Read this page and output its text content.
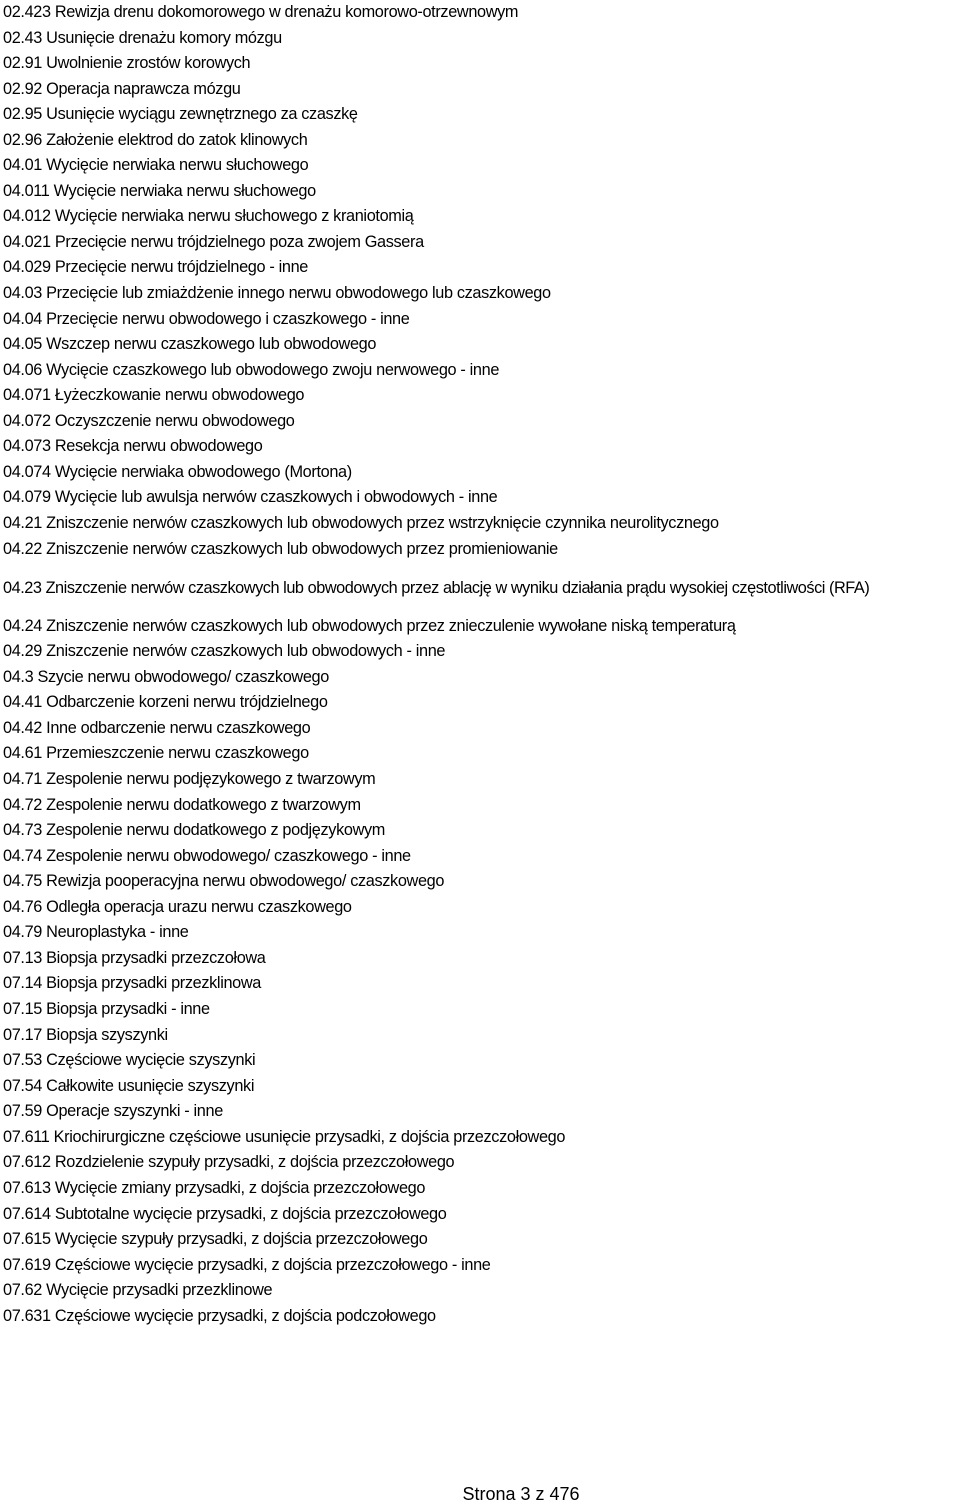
02.423 Rewizja drenu dokomorowego w drenażu komorowo-otrzewnowym
02.43 Usunięcie drenażu komory mózgu
02.91 Uwolnienie zrostów korowych
02.92 Operacja naprawcza mózgu
02.95 Usunięcie wyciągu zewnętrznego za czaszkę
02.96 Założenie elektrod do zatok klinowych
04.01 Wycięcie nerwiaka nerwu słuchowego
04.011 Wycięcie nerwiaka nerwu słuchowego
04.012 Wycięcie nerwiaka nerwu słuchowego z kraniotomią
04.021 Przecięcie nerwu trójdzielnego poza zwojem Gassera
04.029 Przecięcie nerwu trójdzielnego - inne
04.03 Przecięcie lub zmiażdżenie innego nerwu obwodowego lub czaszkowego
04.04 Przecięcie nerwu obwodowego i czaszkowego - inne
04.05 Wszczep nerwu czaszkowego lub obwodowego
04.06 Wycięcie czaszkowego lub obwodowego zwoju nerwowego - inne
04.071 Łyżeczkowanie nerwu obwodowego
04.072 Oczyszczenie nerwu obwodowego
04.073 Resekcja nerwu obwodowego
04.074 Wycięcie nerwiaka obwodowego (Mortona)
04.079 Wycięcie lub awulsja nerwów czaszkowych i obwodowych - inne
04.21 Zniszczenie nerwów czaszkowych lub obwodowych przez wstrzyknięcie czynnika neurolitycznego
04.22 Zniszczenie nerwów czaszkowych lub obwodowych przez promieniowanie
04.23 Zniszczenie nerwów czaszkowych lub obwodowych przez ablację w wyniku działania prądu wysokiej częstotliwości (RFA)
04.24 Zniszczenie nerwów czaszkowych lub obwodowych przez znieczulenie wywołane niską temperaturą
04.29 Zniszczenie nerwów czaszkowych lub obwodowych - inne
04.3 Szycie nerwu obwodowego/ czaszkowego
04.41 Odbarczenie korzeni nerwu trójdzielnego
04.42 Inne odbarczenie nerwu czaszkowego
04.61 Przemieszczenie nerwu czaszkowego
04.71 Zespolenie nerwu podjęzykowego z twarzowym
04.72 Zespolenie nerwu dodatkowego z twarzowym
04.73 Zespolenie nerwu dodatkowego z podjęzykowym
04.74 Zespolenie nerwu obwodowego/ czaszkowego - inne
04.75 Rewizja pooperacyjna nerwu obwodowego/ czaszkowego
04.76 Odległa operacja urazu nerwu czaszkowego
04.79 Neuroplastyka - inne
07.13 Biopsja przysadki przezczołowa
07.14 Biopsja przysadki przezklinowa
07.15 Biopsja przysadki - inne
07.17 Biopsja szyszynki
07.53 Częściowe wycięcie szyszynki
07.54 Całkowite usunięcie szyszynki
07.59 Operacje szyszynki - inne
07.611 Kriochirurgiczne częściowe usunięcie przysadki, z dojścia przezczołowego
07.612 Rozdzielenie szypuły przysadki, z dojścia przezczołowego
07.613 Wycięcie zmiany przysadki, z dojścia przezczołowego
07.614 Subtotalne wycięcie przysadki, z dojścia przezczołowego
07.615 Wycięcie szypuły przysadki, z dojścia przezczołowego
07.619 Częściowe wycięcie przysadki, z dojścia przezczołowego - inne
07.62 Wycięcie przysadki przezklinowe
07.631 Częściowe wycięcie przysadki, z dojścia podczołowego
Strona 3 z 476
